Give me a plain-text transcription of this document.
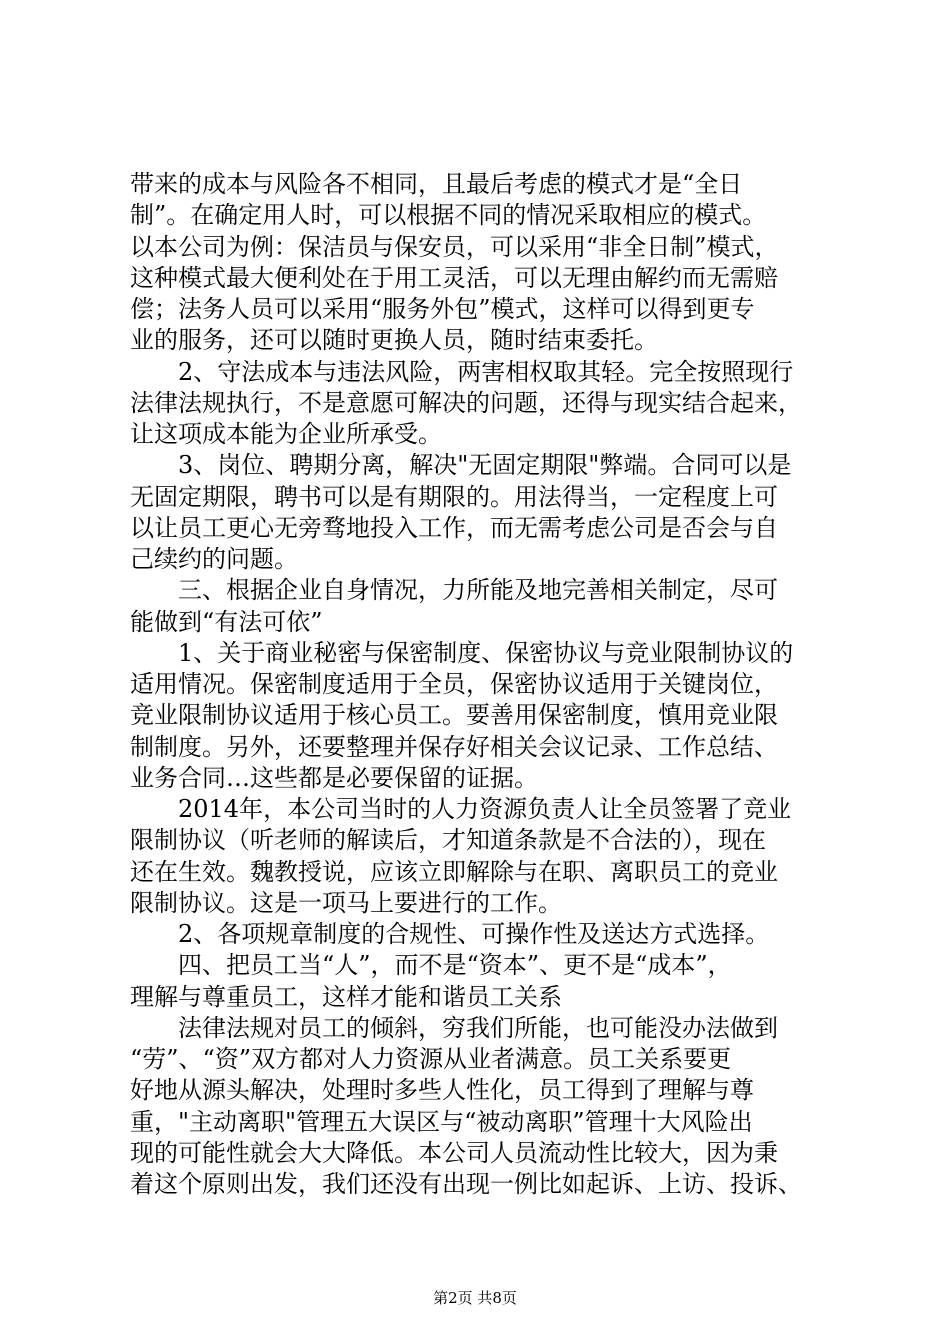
带来的成本与风险各不相同，且最后考虑的模式才是“全日
制”。在确定用人时，可以根据不同的情况采取相应的模式。
以本公司为例：保洁员与保安员，可以采用“非全日制”模式，
这种模式最大便利处在于用工灵活，可以无理由解约而无需赔
偿；法务人员可以采用“服务外包”模式，这样可以得到更专
业的服务，还可以随时更换人员，随时结束委托。
　　2、守法成本与违法风险，两害相权取其轻。完全按照现行
法律法规执行，不是意愿可解决的问题，还得与现实结合起来，
让这项成本能为企业所承受。
　　3、岗位、聘期分离，解决"无固定期限"弊端。合同可以是
无固定期限，聘书可以是有期限的。用法得当，一定程度上可
以让员工更心无旁骛地投入工作，而无需考虑公司是否会与自
己续约的问题。
　　三、根据企业自身情况，力所能及地完善相关制定，尽可
能做到“有法可依”
　　1、关于商业秘密与保密制度、保密协议与竞业限制协议的
适用情况。保密制度适用于全员，保密协议适用于关键岗位，
竞业限制协议适用于核心员工。要善用保密制度，慎用竞业限
制制度。另外，还要整理并保存好相关会议记录、工作总结、
业务合同…这些都是必要保留的证据。
　　2014年，本公司当时的人力资源负责人让全员签署了竞业
限制协议（听老师的解读后，才知道条款是不合法的），现在
还在生效。魏教授说，应该立即解除与在职、离职员工的竞业
限制协议。这是一项马上要进行的工作。
　　2、各项规章制度的合规性、可操作性及送达方式选择。
　　四、把员工当“人”，而不是“资本”、更不是“成本”，
理解与尊重员工，这样才能和谐员工关系
　　法律法规对员工的倾斜，穷我们所能，也可能没办法做到
“劳”、“资”双方都对人力资源从业者满意。员工关系要更
好地从源头解决，处理时多些人性化，员工得到了理解与尊
重，"主动离职"管理五大误区与“被动离职”管理十大风险出
现的可能性就会大大降低。本公司人员流动性比较大，因为秉
着这个原则出发，我们还没有出现一例比如起诉、上访、投诉、
第2页 共8页
